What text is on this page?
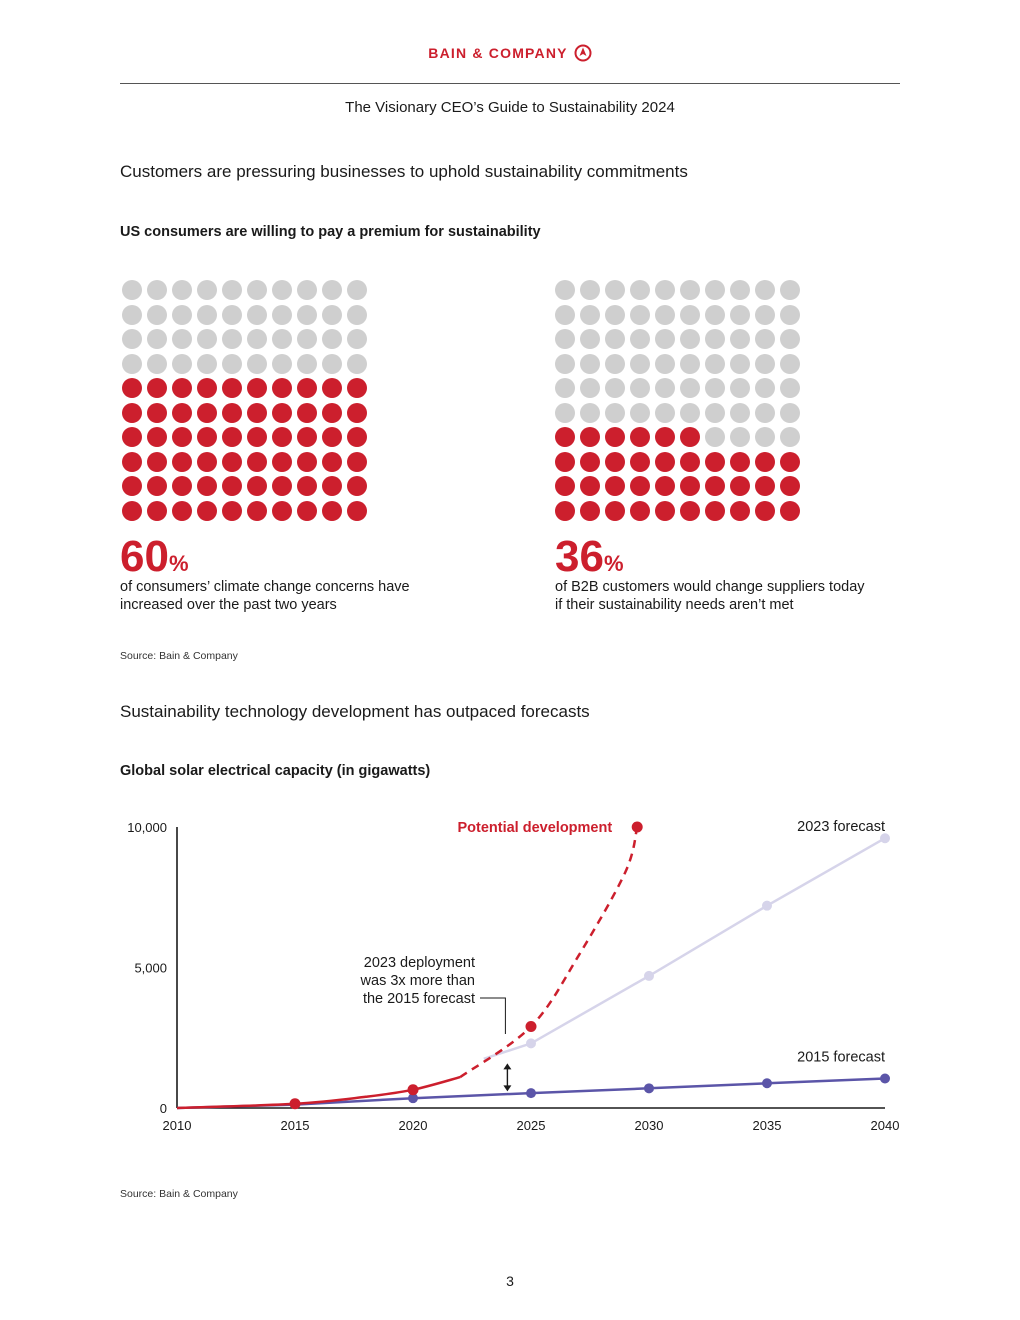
BAIN & COMPANY
The Visionary CEO’s Guide to Sustainability 2024
Customers are pressuring businesses to uphold sustainability commitments
US consumers are willing to pay a premium for sustainability
60%
of consumers’ climate change concerns have
increased over the past two years
36%
of B2B customers would change suppliers today
if their sustainability needs aren’t met
Source: Bain & Company
Sustainability technology development has outpaced forecasts
Global solar electrical capacity (in gigawatts)
2010	2015	2020	2025	2030	2035	2040
0
5,000
10,000	Potential development	2023 forecast
2015 forecast
2023 deployment
was 3x more than
the 2015 forecast
Source: Bain & Company
3
